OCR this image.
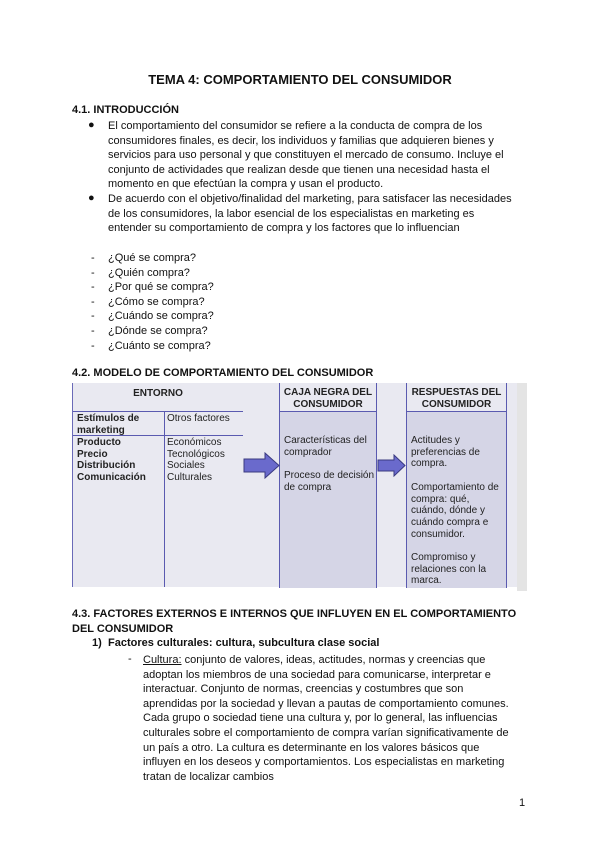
TEMA 4: COMPORTAMIENTO DEL CONSUMIDOR
4.1. INTRODUCCIÓN
● El comportamiento del consumidor se refiere a la conducta de compra de los consumidores finales, es decir, los individuos y familias que adquieren bienes y servicios para uso personal y que constituyen el mercado de consumo. Incluye el conjunto de actividades que realizan desde que tienen una necesidad hasta el momento en que efectúan la compra y usan el producto.
● De acuerdo con el objetivo/finalidad del marketing, para satisfacer las necesidades de los consumidores, la labor esencial de los especialistas en marketing es entender su comportamiento de compra y los factores que lo influencian
- ¿Qué se compra?
- ¿Quién compra?
- ¿Por qué se compra?
- ¿Cómo se compra?
- ¿Cuándo se compra?
- ¿Dónde se compra?
- ¿Cuánto se compra?
4.2. MODELO DE COMPORTAMIENTO DEL CONSUMIDOR
ENTORNO
Estímulos de marketing
Otros factores
Producto
Precio
Distribución
Comunicación
Económicos
Tecnológicos
Sociales
Culturales
CAJA NEGRA DEL CONSUMIDOR
Características del comprador

Proceso de decisión de compra
RESPUESTAS DEL CONSUMIDOR
Actitudes y preferencias de compra.

Comportamiento de compra: qué, cuándo, dónde y cuándo compra e consumidor.

Compromiso y relaciones con la marca.
4.3. FACTORES EXTERNOS E INTERNOS QUE INFLUYEN EN EL COMPORTAMIENTO DEL CONSUMIDOR
1) Factores culturales: cultura, subcultura clase social
- Cultura: conjunto de valores, ideas, actitudes, normas y creencias que adoptan los miembros de una sociedad para comunicarse, interpretar e interactuar. Conjunto de normas, creencias y costumbres que son aprendidas por la sociedad y llevan a pautas de comportamiento comunes. Cada grupo o sociedad tiene una cultura y, por lo general, las influencias culturales sobre el comportamiento de compra varían significativamente de un país a otro. La cultura es determinante en los valores básicos que influyen en los deseos y comportamientos. Los especialistas en marketing tratan de localizar cambios
1
